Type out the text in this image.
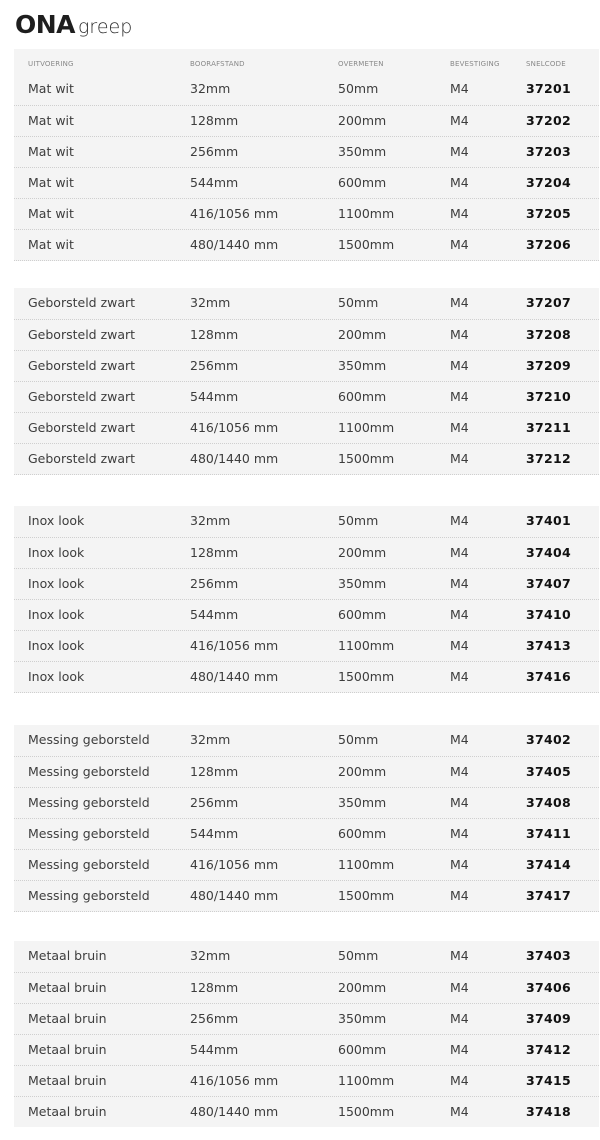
ONA greep
UITVOERING	BOORAFSTAND	OVERMETEN	BEVESTIGING	SNELCODE
Mat wit	32mm	50mm	M4	37201
Mat wit	128mm	200mm	M4	37202
Mat wit	256mm	350mm	M4	37203
Mat wit	544mm	600mm	M4	37204
Mat wit	416/1056 mm	1100mm	M4	37205
Mat wit	480/1440 mm	1500mm	M4	37206
Geborsteld zwart	32mm	50mm	M4	37207
Geborsteld zwart	128mm	200mm	M4	37208
Geborsteld zwart	256mm	350mm	M4	37209
Geborsteld zwart	544mm	600mm	M4	37210
Geborsteld zwart	416/1056 mm	1100mm	M4	37211
Geborsteld zwart	480/1440 mm	1500mm	M4	37212
Inox look	32mm	50mm	M4	37401
Inox look	128mm	200mm	M4	37404
Inox look	256mm	350mm	M4	37407
Inox look	544mm	600mm	M4	37410
Inox look	416/1056 mm	1100mm	M4	37413
Inox look	480/1440 mm	1500mm	M4	37416
Messing geborsteld	32mm	50mm	M4	37402
Messing geborsteld	128mm	200mm	M4	37405
Messing geborsteld	256mm	350mm	M4	37408
Messing geborsteld	544mm	600mm	M4	37411
Messing geborsteld	416/1056 mm	1100mm	M4	37414
Messing geborsteld	480/1440 mm	1500mm	M4	37417
Metaal bruin	32mm	50mm	M4	37403
Metaal bruin	128mm	200mm	M4	37406
Metaal bruin	256mm	350mm	M4	37409
Metaal bruin	544mm	600mm	M4	37412
Metaal bruin	416/1056 mm	1100mm	M4	37415
Metaal bruin	480/1440 mm	1500mm	M4	37418
